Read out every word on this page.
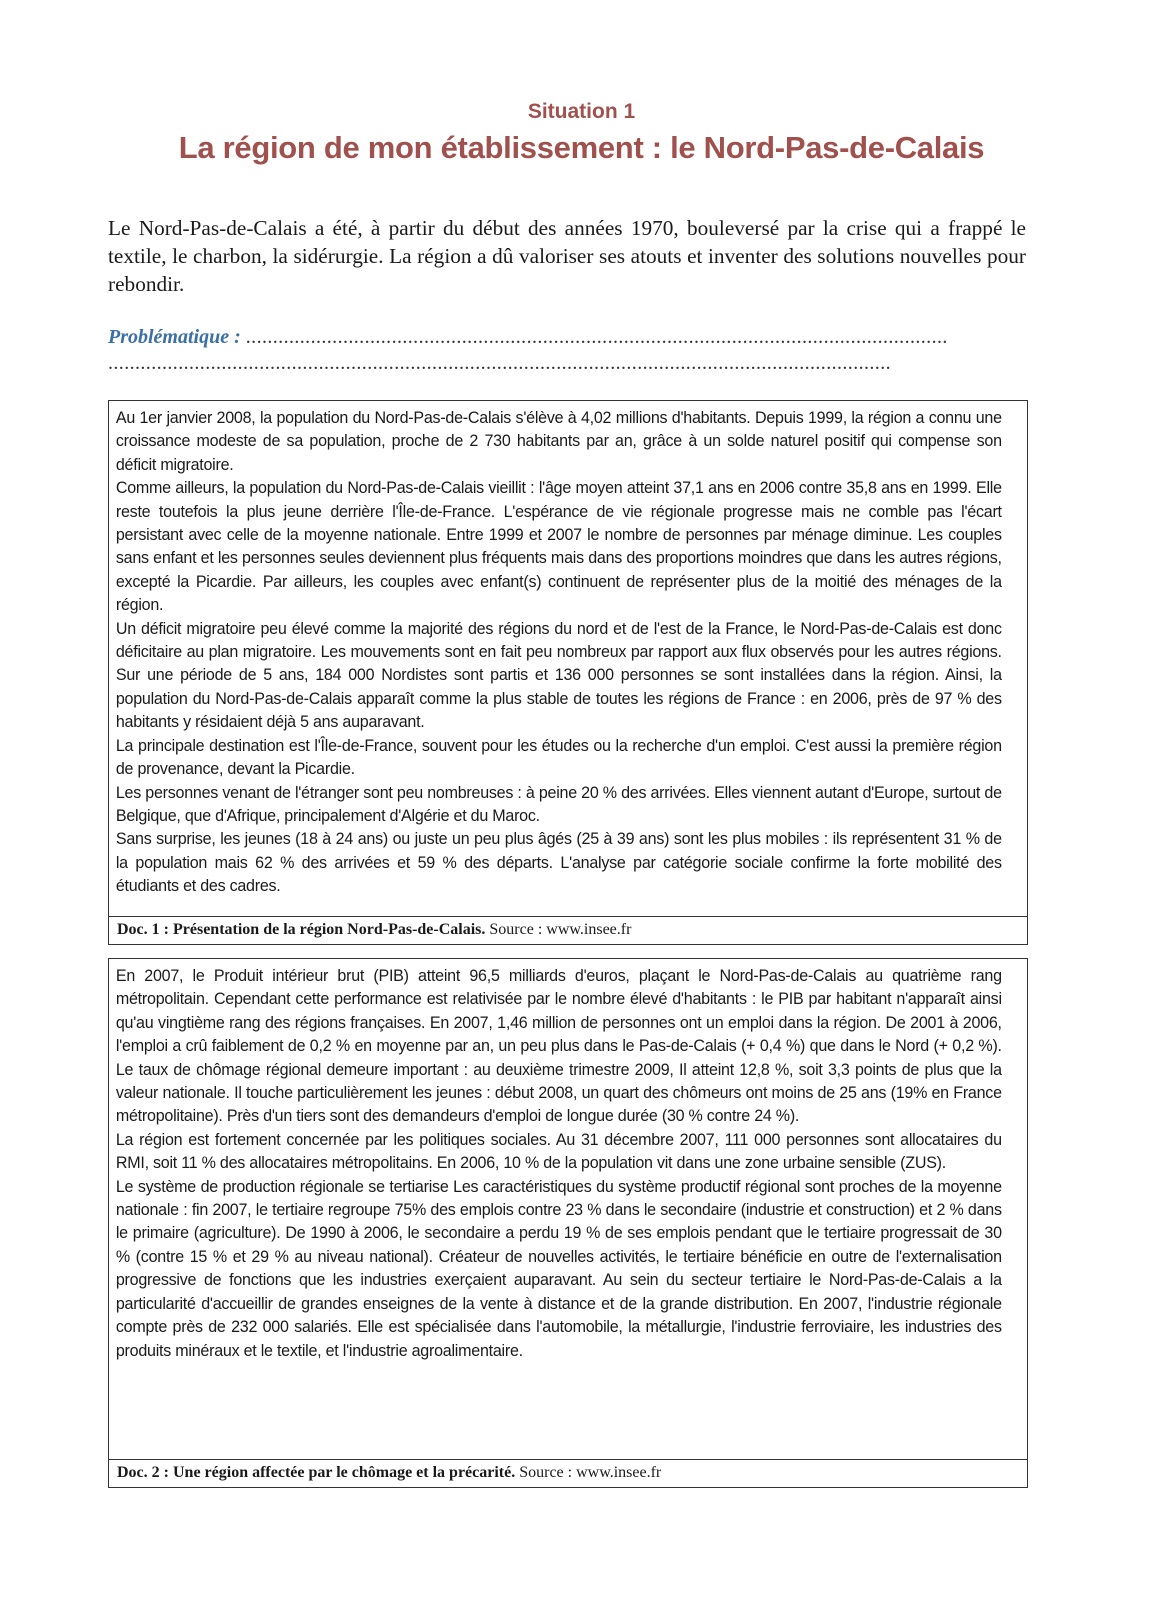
Situation 1
La région de mon établissement : le Nord-Pas-de-Calais
Le Nord-Pas-de-Calais a été, à partir du début des années 1970, bouleversé par la crise qui a frappé le textile, le charbon, la sidérurgie. La région a dû valoriser ses atouts et inventer des solutions nouvelles pour rebondir.
Problématique : ..................................................................................................................................
.................................................................................................................................................

Au 1er janvier 2008, la population du Nord-Pas-de-Calais s'élève à 4,02 millions d'habitants. Depuis 1999, la région a connu une croissance modeste de sa population, proche de 2 730 habitants par an, grâce à un solde naturel positif qui compense son déficit migratoire.

Comme ailleurs, la population du Nord-Pas-de-Calais vieillit : l'âge moyen atteint 37,1 ans en 2006 contre 35,8 ans en 1999. Elle reste toutefois la plus jeune derrière l'Île-de-France. L'espérance de vie régionale progresse mais ne comble pas l'écart persistant avec celle de la moyenne nationale. Entre 1999 et 2007 le nombre de personnes par ménage diminue. Les couples sans enfant et les personnes seules deviennent plus fréquents mais dans des proportions moindres que dans les autres régions, excepté la Picardie. Par ailleurs, les couples avec enfant(s) continuent de représenter plus de la moitié des ménages de la région.

Un déficit migratoire peu élevé comme la majorité des régions du nord et de l'est de la France, le Nord-Pas-de-Calais est donc déficitaire au plan migratoire. Les mouvements sont en fait peu nombreux par rapport aux flux observés pour les autres régions. Sur une période de 5 ans, 184 000 Nordistes sont partis et 136 000 personnes se sont installées dans la région. Ainsi, la population du Nord-Pas-de-Calais apparaît comme la plus stable de toutes les régions de France : en 2006, près de 97 % des habitants y résidaient déjà 5 ans auparavant.

La principale destination est l'Île-de-France, souvent pour les études ou la recherche d'un emploi. C'est aussi la première région de provenance, devant la Picardie.

Les personnes venant de l'étranger sont peu nombreuses : à peine 20 % des arrivées. Elles viennent autant d'Europe, surtout de Belgique, que d'Afrique, principalement d'Algérie et du Maroc.

Sans surprise, les jeunes (18 à 24 ans) ou juste un peu plus âgés (25 à 39 ans) sont les plus mobiles : ils représentent 31 % de la population mais 62 % des arrivées et 59 % des départs. L'analyse par catégorie sociale confirme la forte mobilité des étudiants et des cadres.

Doc. 1 : Présentation de la région Nord-Pas-de-Calais. Source : www.insee.fr

En 2007, le Produit intérieur brut (PIB) atteint 96,5 milliards d'euros, plaçant le Nord-Pas-de-Calais au quatrième rang métropolitain. Cependant cette performance est relativisée par le nombre élevé d'habitants : le PIB par habitant n'apparaît ainsi qu'au vingtième rang des régions françaises. En 2007, 1,46 million de personnes ont un emploi dans la région. De 2001 à 2006, l'emploi a crû faiblement de 0,2 % en moyenne par an, un peu plus dans le Pas-de-Calais (+ 0,4 %) que dans le Nord (+ 0,2 %). Le taux de chômage régional demeure important : au deuxième trimestre 2009, Il atteint 12,8 %, soit 3,3 points de plus que la valeur nationale. Il touche particulièrement les jeunes : début 2008, un quart des chômeurs ont moins de 25 ans (19% en France métropolitaine). Près d'un tiers sont des demandeurs d'emploi de longue durée (30 % contre 24 %).

La région est fortement concernée par les politiques sociales. Au 31 décembre 2007, 111 000 personnes sont allocataires du RMI, soit 11 % des allocataires métropolitains. En 2006, 10 % de la population vit dans une zone urbaine sensible (ZUS).

Le système de production régionale se tertiarise Les caractéristiques du système productif régional sont proches de la moyenne nationale : fin 2007, le tertiaire regroupe 75% des emplois contre 23 % dans le secondaire (industrie et construction) et 2 % dans le primaire (agriculture). De 1990 à 2006, le secondaire a perdu 19 % de ses emplois pendant que le tertiaire progressait de 30 % (contre 15 % et 29 % au niveau national). Créateur de nouvelles activités, le tertiaire bénéficie en outre de l'externalisation progressive de fonctions que les industries exerçaient auparavant. Au sein du secteur tertiaire le Nord-Pas-de-Calais a la particularité d'accueillir de grandes enseignes de la vente à distance et de la grande distribution. En 2007, l'industrie régionale compte près de 232 000 salariés. Elle est spécialisée dans l'automobile, la métallurgie, l'industrie ferroviaire, les industries des produits minéraux et le textile, et l'industrie agroalimentaire.

Doc. 2 : Une région affectée par le chômage et la précarité. Source : www.insee.fr
